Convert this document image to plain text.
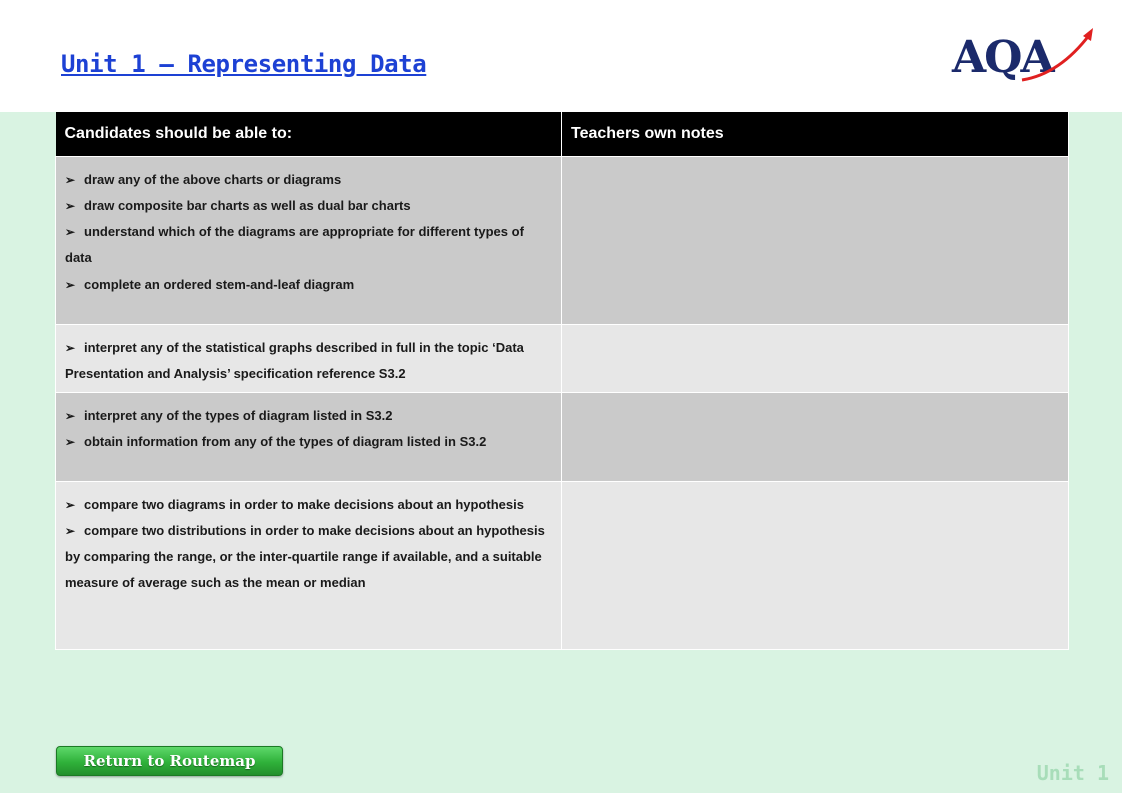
Unit 1 – Representing Data	AQA
Candidates should be able to:	Teachers own notes

➢ draw any of the above charts or diagrams

➢ draw composite bar charts as well as dual bar charts

➢ understand which of the diagrams are appropriate for different types of data

➢ complete an ordered stem-and-leaf diagram	

➢ interpret any of the statistical graphs described in full in the topic ‘Data Presentation and Analysis’ specification reference S3.2	

➢ interpret any of the types of diagram listed in S3.2

➢ obtain information from any of the types of diagram listed in S3.2	

➢ compare two diagrams in order to make decisions about an hypothesis

➢ compare two distributions in order to make decisions about an hypothesis by comparing the range, or the inter-quartile range if available, and a suitable measure of average such as the mean or median	

Return to Routemap	Unit 1
